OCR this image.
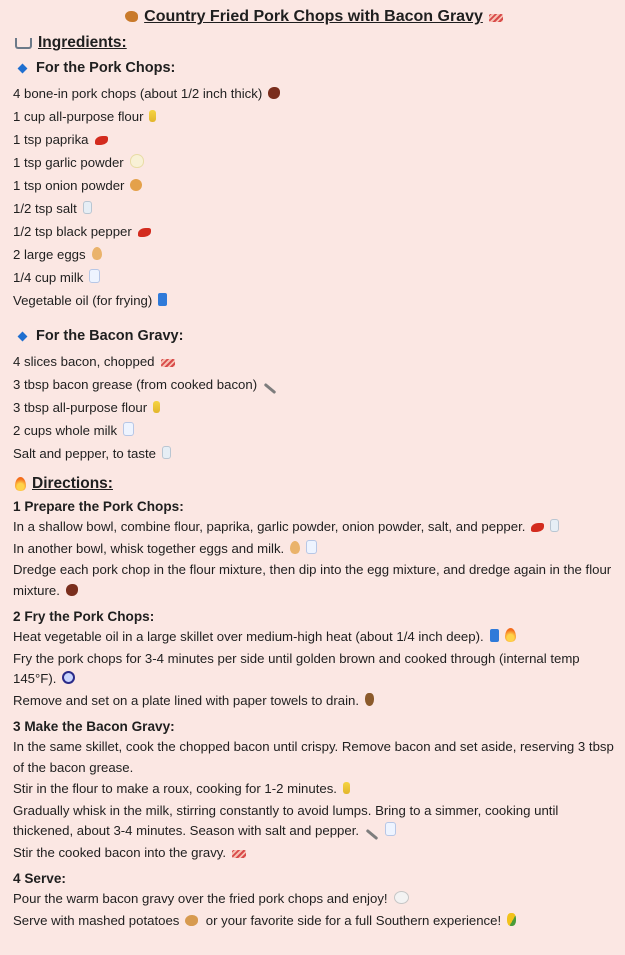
Country Fried Pork Chops with Bacon Gravy
Ingredients:
For the Pork Chops:
4 bone-in pork chops (about 1/2 inch thick)
1 cup all-purpose flour
1 tsp paprika
1 tsp garlic powder
1 tsp onion powder
1/2 tsp salt
1/2 tsp black pepper
2 large eggs
1/4 cup milk
Vegetable oil (for frying)
For the Bacon Gravy:
4 slices bacon, chopped
3 tbsp bacon grease (from cooked bacon)
3 tbsp all-purpose flour
2 cups whole milk
Salt and pepper, to taste
Directions:
1 Prepare the Pork Chops:
In a shallow bowl, combine flour, paprika, garlic powder, onion powder, salt, and pepper.
In another bowl, whisk together eggs and milk.
Dredge each pork chop in the flour mixture, then dip into the egg mixture, and dredge again in the flour mixture.
2 Fry the Pork Chops:
Heat vegetable oil in a large skillet over medium-high heat (about 1/4 inch deep).
Fry the pork chops for 3-4 minutes per side until golden brown and cooked through (internal temp 145°F).
Remove and set on a plate lined with paper towels to drain.
3 Make the Bacon Gravy:
In the same skillet, cook the chopped bacon until crispy. Remove bacon and set aside, reserving 3 tbsp of the bacon grease.
Stir in the flour to make a roux, cooking for 1-2 minutes.
Gradually whisk in the milk, stirring constantly to avoid lumps. Bring to a simmer, cooking until thickened, about 3-4 minutes. Season with salt and pepper.
Stir the cooked bacon into the gravy.
4 Serve:
Pour the warm bacon gravy over the fried pork chops and enjoy!
Serve with mashed potatoes or your favorite side for a full Southern experience!
